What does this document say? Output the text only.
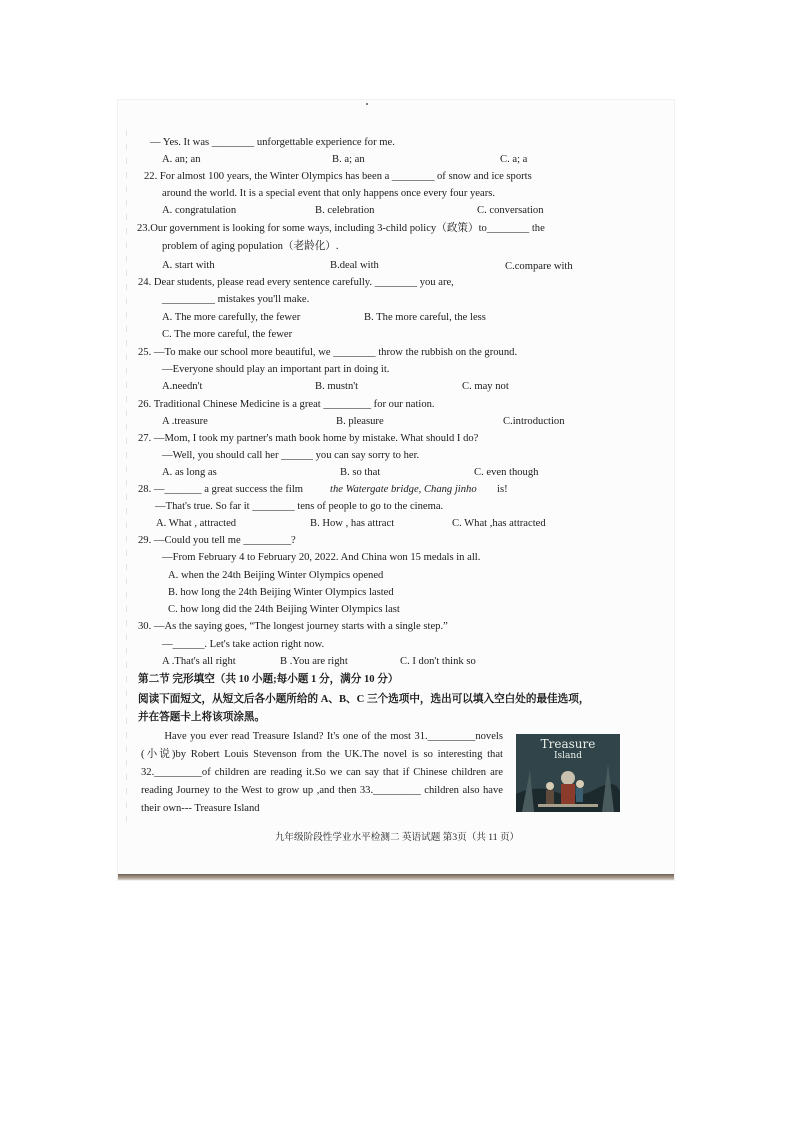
— Yes. It was ________ unforgettable experience for me.
A. an; an	B. a; an	C. a; a
22. For almost 100 years, the Winter Olympics has been a ________ of snow and ice sports
around the world. It is a special event that only happens once every four years.
A. congratulation	B. celebration	C. conversation
23.Our government is looking for some ways, including 3-child policy（政策）to________ the
problem of aging population（老龄化）.
A. start with	B.deal with	C.compare with
24. Dear students, please read every sentence carefully. ________ you are,
__________ mistakes you'll make.
A. The more carefully, the fewer	B. The more careful, the less
C. The more careful, the fewer
25. —To make our school more beautiful, we ________ throw the rubbish on the ground.
—Everyone should play an important part in doing it.
A.needn't	B. mustn't	C. may not
26. Traditional Chinese Medicine is a great _________ for our nation.
A .treasure	B. pleasure	C.introduction
27. —Mom, I took my partner's math book home by mistake. What should I do?
—Well, you should call her ______ you can say sorry to her.
A. as long as	B. so that	C. even though
28. —_______ a great success the film	the Watergate bridge, Chang jinho is!
—That's true. So far it ________ tens of people to go to the cinema.
A. What , attracted	B. How , has attract	C. What ,has attracted
29. —Could you tell me _________?
—From February 4 to February 20, 2022. And China won 15 medals in all.
A. when the 24th Beijing Winter Olympics opened
B. how long the 24th Beijing Winter Olympics lasted
C. how long did the 24th Beijing Winter Olympics last
30. —As the saying goes, “The longest journey starts with a single step.”
—______. Let's take action right now.
A .That's all right	B .You are right	C. I don't think so
第二节 完形填空（共 10 小题;每小题 1 分，满分 10 分）
阅读下面短文，从短文后各小题所给的 A、B、C 三个选项中，选出可以填入空白处的最佳选项，
并在答题卡上将该项涂黑。

Have you ever read Treasure Island? It's one of the most 31._________novels (小说)by Robert Louis Stevenson from the UK.The novel is so interesting that 32._________of children are reading it.So we can say that if Chinese children are reading Journey to the West to grow up ,and then 33._________ children also have their own--- Treasure Island

Treasure
Island
九年级阶段性学业水平检测二 英语试题 第3页（共 11 页）
